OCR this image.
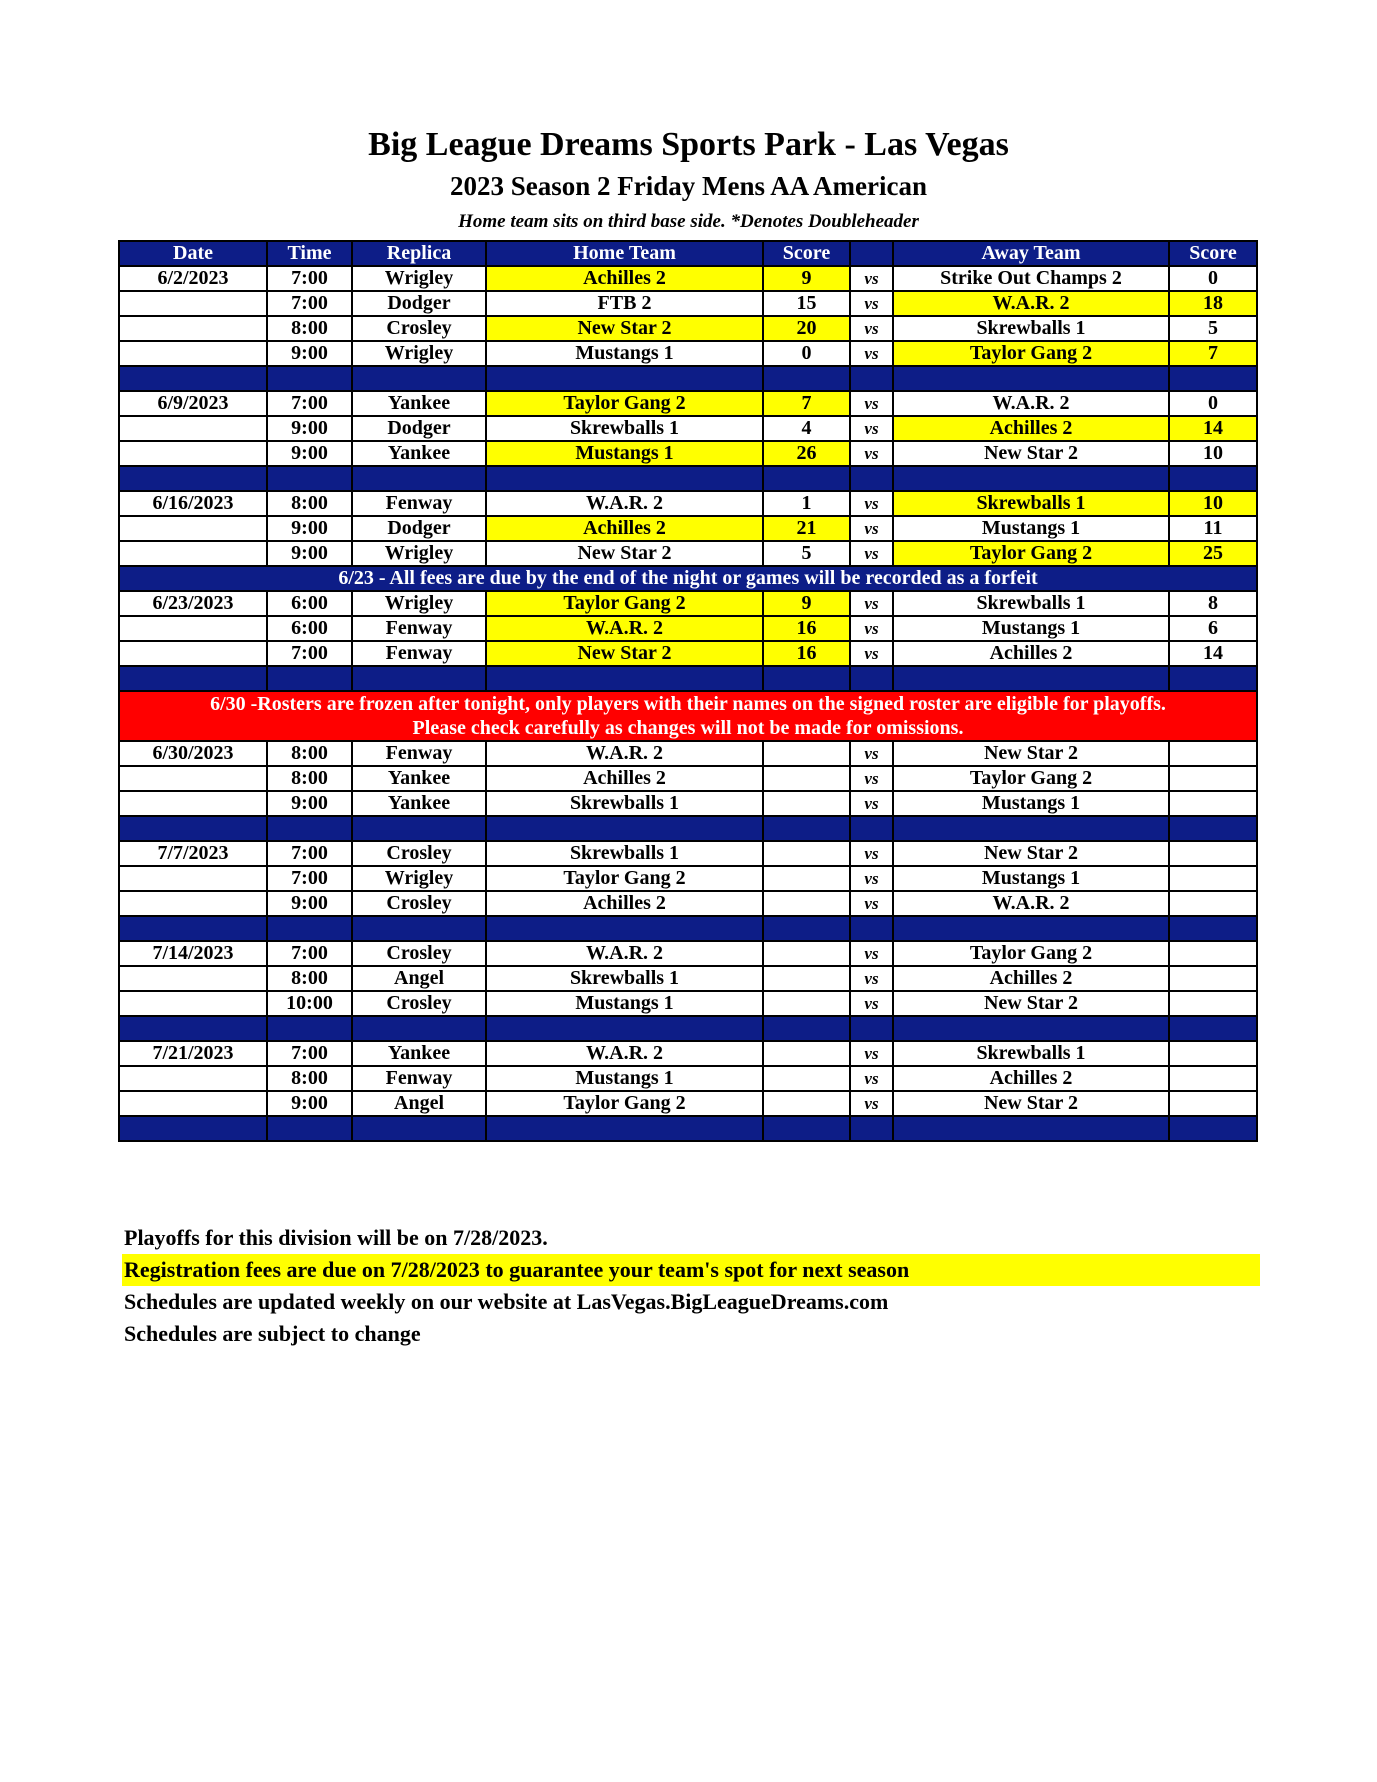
Big League Dreams Sports Park - Las Vegas
2023 Season 2 Friday Mens AA American
Home team sits on third base side. *Denotes Doubleheader
Date	Time	Replica	Home Team	Score		Away Team	Score
6/2/2023	7:00	Wrigley	Achilles 2	9	vs	Strike Out Champs 2	0
	7:00	Dodger	FTB 2	15	vs	W.A.R. 2	18
	8:00	Crosley	New Star 2	20	vs	Skrewballs 1	5
	9:00	Wrigley	Mustangs 1	0	vs	Taylor Gang 2	7

6/9/2023	7:00	Yankee	Taylor Gang 2	7	vs	W.A.R. 2	0
	9:00	Dodger	Skrewballs 1	4	vs	Achilles 2	14
	9:00	Yankee	Mustangs 1	26	vs	New Star 2	10

6/16/2023	8:00	Fenway	W.A.R. 2	1	vs	Skrewballs 1	10
	9:00	Dodger	Achilles 2	21	vs	Mustangs 1	11
	9:00	Wrigley	New Star 2	5	vs	Taylor Gang 2	25
6/23 - All fees are due by the end of the night or games will be recorded as a forfeit							
6/23/2023	6:00	Wrigley	Taylor Gang 2	9	vs	Skrewballs 1	8
	6:00	Fenway	W.A.R. 2	16	vs	Mustangs 1	6
	7:00	Fenway	New Star 2	16	vs	Achilles 2	14

6/30 -Rosters are frozen after tonight, only players with their names on the signed roster are eligible for playoffs.
Please check carefully as changes will not be made for omissions.							

6/30/2023	8:00	Fenway	W.A.R. 2		vs	New Star 2	
	8:00	Yankee	Achilles 2		vs	Taylor Gang 2	
	9:00	Yankee	Skrewballs 1		vs	Mustangs 1	

7/7/2023	7:00	Crosley	Skrewballs 1		vs	New Star 2	
	7:00	Wrigley	Taylor Gang 2		vs	Mustangs 1	
	9:00	Crosley	Achilles 2		vs	W.A.R. 2	

7/14/2023	7:00	Crosley	W.A.R. 2		vs	Taylor Gang 2	
	8:00	Angel	Skrewballs 1		vs	Achilles 2	
	10:00	Crosley	Mustangs 1		vs	New Star 2	

7/21/2023	7:00	Yankee	W.A.R. 2		vs	Skrewballs 1	
	8:00	Fenway	Mustangs 1		vs	Achilles 2	
	9:00	Angel	Taylor Gang 2		vs	New Star 2	

Playoffs for this division will be on 7/28/2023.
Registration fees are due on 7/28/2023 to guarantee your team's spot for next season
Schedules are updated weekly on our website at LasVegas.BigLeagueDreams.com
Schedules are subject to change
